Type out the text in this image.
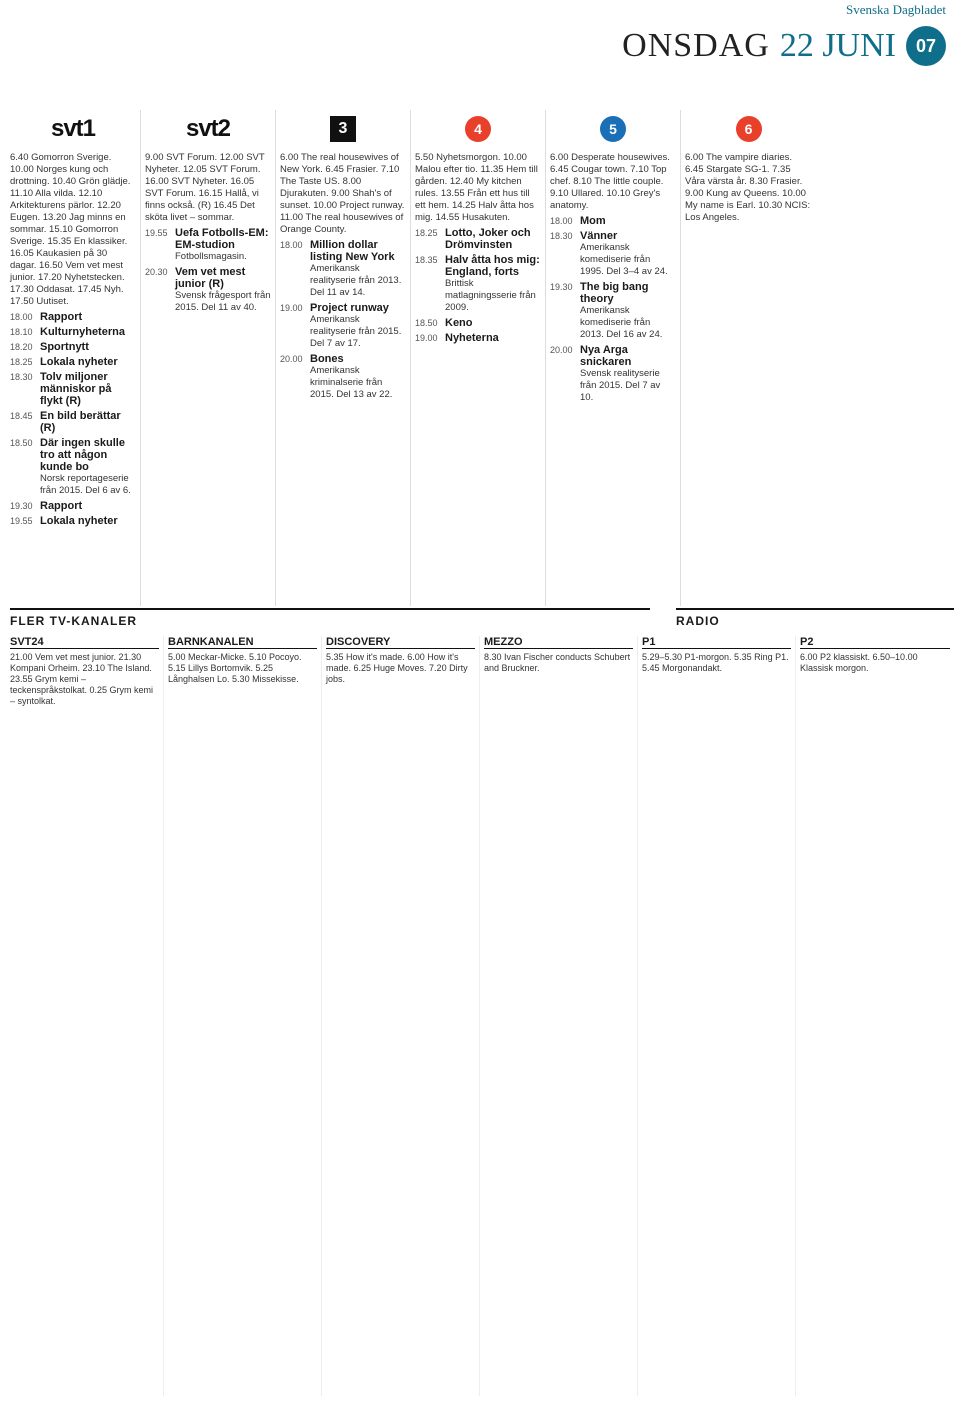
Svenska Dagbladet
ONSDAG 22 JUNI	07
svt1
6.40 Gomorron Sverige. 10.00 Norges kung och drottning. 10.40 Grön glädje. 11.10 Alla vilda. 12.10 Arkitekturens pärlor. 12.20 Eugen. 13.20 Jag minns en sommar. 15.10 Gomorron Sverige. 15.35 En klassiker. 16.05 Kaukasien på 30 dagar. 16.50 Vem vet mest junior. 17.20 Nyhetstecken. 17.30 Oddasat. 17.45 Nyh. 17.50 Uutiset.
18.00 Rapport
18.10 Kulturnyheterna
18.20 Sportnytt
18.25 Lokala nyheter
18.30 Tolv miljoner människor på flykt (R)
18.45 En bild berättar (R)
18.50 Där ingen skulle tro att någon kunde bo
Norsk reportageserie från 2015. Del 6 av 6.
19.30 Rapport
19.55 Lokala nyheter
svt2
9.00 SVT Forum. 12.00 SVT Nyheter. 12.05 SVT Forum. 16.00 SVT Nyheter. 16.05 SVT Forum. 16.15 Hallå, vi finns också. (R) 16.45 Det sköta livet – sommar.
19.55 Uefa Fotbolls-EM: EM-studion
Fotbollsmagasin.
20.30 Vem vet mest junior (R)
Svensk frågesport från 2015. Del 11 av 40.
3
6.00 The real housewives of New York. 6.45 Frasier. 7.10 The Taste US. 8.00 Djurakuten. 9.00 Shah's of sunset. 10.00 Project runway. 11.00 The real housewives of Orange County.
18.00 Million dollar listing New York
Amerikansk realityserie från 2013. Del 11 av 14.
19.00 Project runway
Amerikansk realityserie från 2015. Del 7 av 17.
20.00 Bones
Amerikansk kriminalserie från 2015. Del 13 av 22.
4
5.50 Nyhetsmorgon. 10.00 Malou efter tio. 11.35 Hem till gården. 12.40 My kitchen rules. 13.55 Från ett hus till ett hem. 14.25 Halv åtta hos mig. 14.55 Husakuten.
18.25 Lotto, Joker och Drömvinsten
18.35 Halv åtta hos mig: England, forts
Brittisk matlagningsserie från 2009.
18.50 Keno
19.00 Nyheterna
5
6.00 Desperate housewives. 6.45 Cougar town. 7.10 Top chef. 8.10 The little couple. 9.10 Ullared. 10.10 Grey's anatomy.
18.00 Mom
18.30 Vänner
Amerikansk komediserie från 1995. Del 3–4 av 24.
19.30 The big bang theory
Amerikansk komediserie från 2013. Del 16 av 24.
20.00 Nya Arga snickaren
Svensk realityserie från 2015. Del 7 av 10.
6
6.00 The vampire diaries. 6.45 Stargate SG-1. 7.35 Våra värsta år. 8.30 Frasier. 9.00 Kung av Queens. 10.00 My name is Earl. 10.30 NCIS: Los Angeles.
FLER TV-KANALER	RADIO
SVT24
21.00 Vem vet mest junior. 21.30 Kompani Orheim. 23.10 The Island. 23.55 Grym kemi – teckenspråkstolkat. 0.25 Grym kemi – syntolkat.
BARNKANALEN
5.00 Meckar-Micke. 5.10 Pocoyo. 5.15 Lillys Bortomvik. 5.25 Långhalsen Lo. 5.30 Missekisse.
DISCOVERY
5.35 How it's made. 6.00 How it's made. 6.25 Huge Moves. 7.20 Dirty jobs.
MEZZO
8.30 Ivan Fischer conducts Schubert and Bruckner.
P1
5.29–5.30 P1-morgon. 5.35 Ring P1. 5.45 Morgonandakt.
P2
6.00 P2 klassiskt. 6.50–10.00 Klassisk morgon.
